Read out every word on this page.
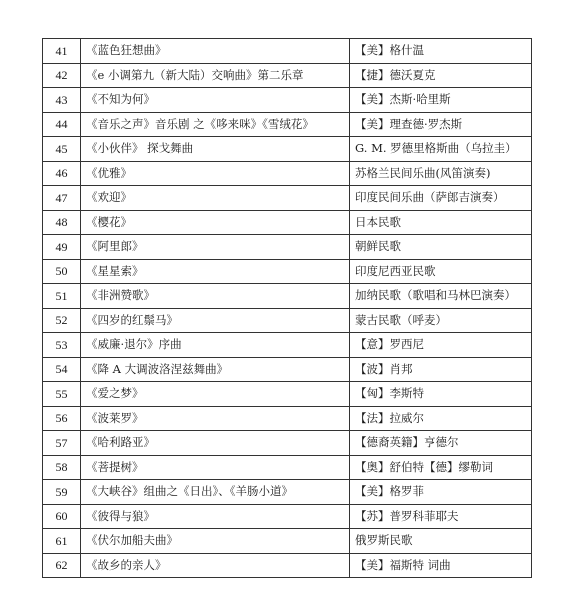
41	《蓝色狂想曲》	【美】格什温
42	《e 小调第九（新大陆）交响曲》第二乐章	【捷】德沃夏克
43	《不知为何》	【美】杰斯·哈里斯
44	《音乐之声》音乐剧 之《哆来咪》《雪绒花》	【美】理查德·罗杰斯
45	《小伙伴》 探戈舞曲	G. M. 罗德里格斯曲（乌拉圭）
46	《优雅》	苏格兰民间乐曲(风笛演奏)
47	《欢迎》	印度民间乐曲（萨郎吉演奏）
48	《樱花》	日本民歌
49	《阿里郎》	朝鲜民歌
50	《星星索》	印度尼西亚民歌
51	《非洲赞歌》	加纳民歌（歌唱和马林巴演奏）
52	《四岁的红鬃马》	蒙古民歌（呼麦）
53	《威廉·退尔》序曲	【意】罗西尼
54	《降 A 大调波洛涅兹舞曲》	【波】肖邦
55	《爱之梦》	【匈】李斯特
56	《波莱罗》	【法】拉威尔
57	《哈利路亚》	【德裔英籍】亨德尔
58	《菩提树》	【奥】舒伯特【德】缪勒词
59	《大峡谷》组曲之《日出》、《羊肠小道》	【美】格罗菲
60	《彼得与狼》	【苏】普罗科菲耶夫
61	《伏尔加船夫曲》	俄罗斯民歌
62	《故乡的亲人》	【美】福斯特 词曲
